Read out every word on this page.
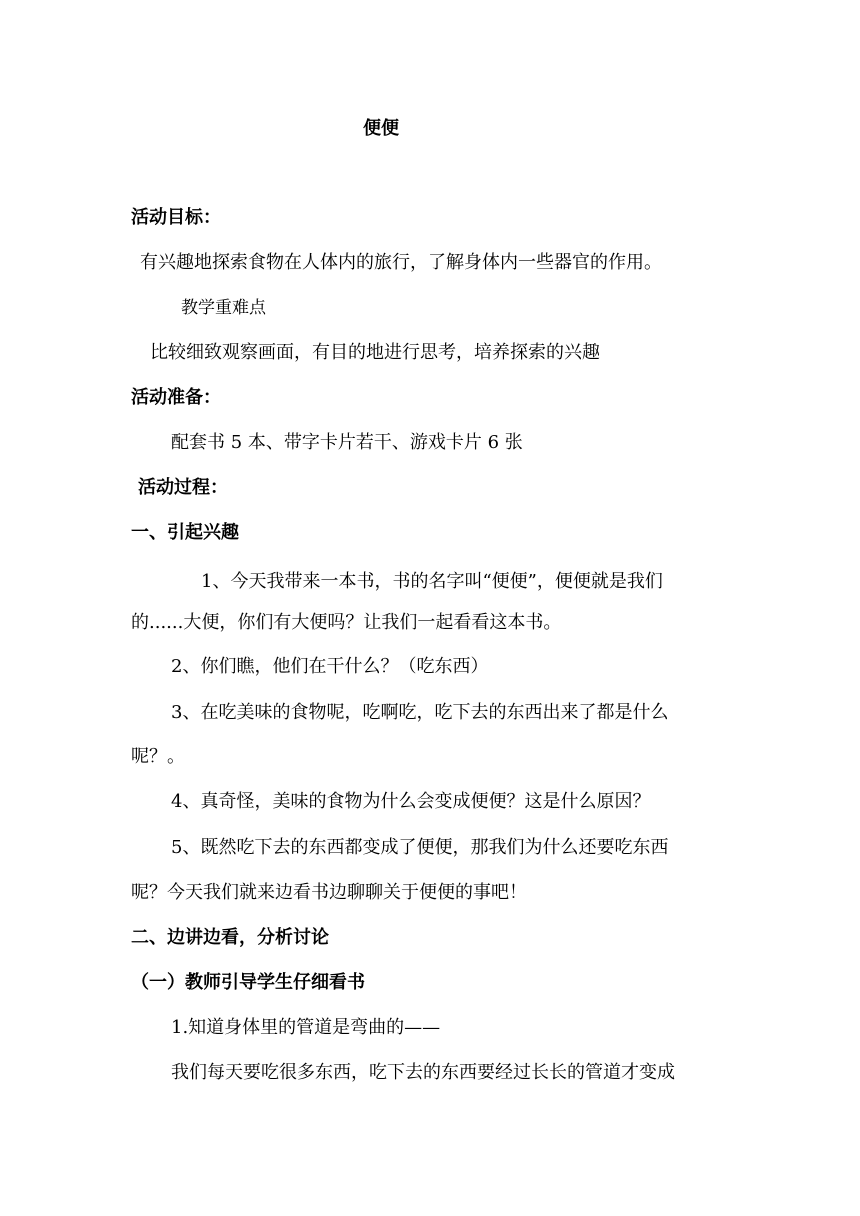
便便
活动目标：
有兴趣地探索食物在人体内的旅行，了解身体内一些器官的作用。
教学重难点
比较细致观察画面，有目的地进行思考，培养探索的兴趣
活动准备：
配套书 5 本、带字卡片若干、游戏卡片 6 张
活动过程：
一、引起兴趣
1、今天我带来一本书，书的名字叫“便便”，便便就是我们
的......大便，你们有大便吗？让我们一起看看这本书。
2、你们瞧，他们在干什么？（吃东西）
3、在吃美味的食物呢，吃啊吃，吃下去的东西出来了都是什么
呢？。
4、真奇怪，美味的食物为什么会变成便便？这是什么原因？
5、既然吃下去的东西都变成了便便，那我们为什么还要吃东西
呢？今天我们就来边看书边聊聊关于便便的事吧！
二、边讲边看，分析讨论
（一）教师引导学生仔细看书
1.知道身体里的管道是弯曲的——
我们每天要吃很多东西，吃下去的东西要经过长长的管道才变成
